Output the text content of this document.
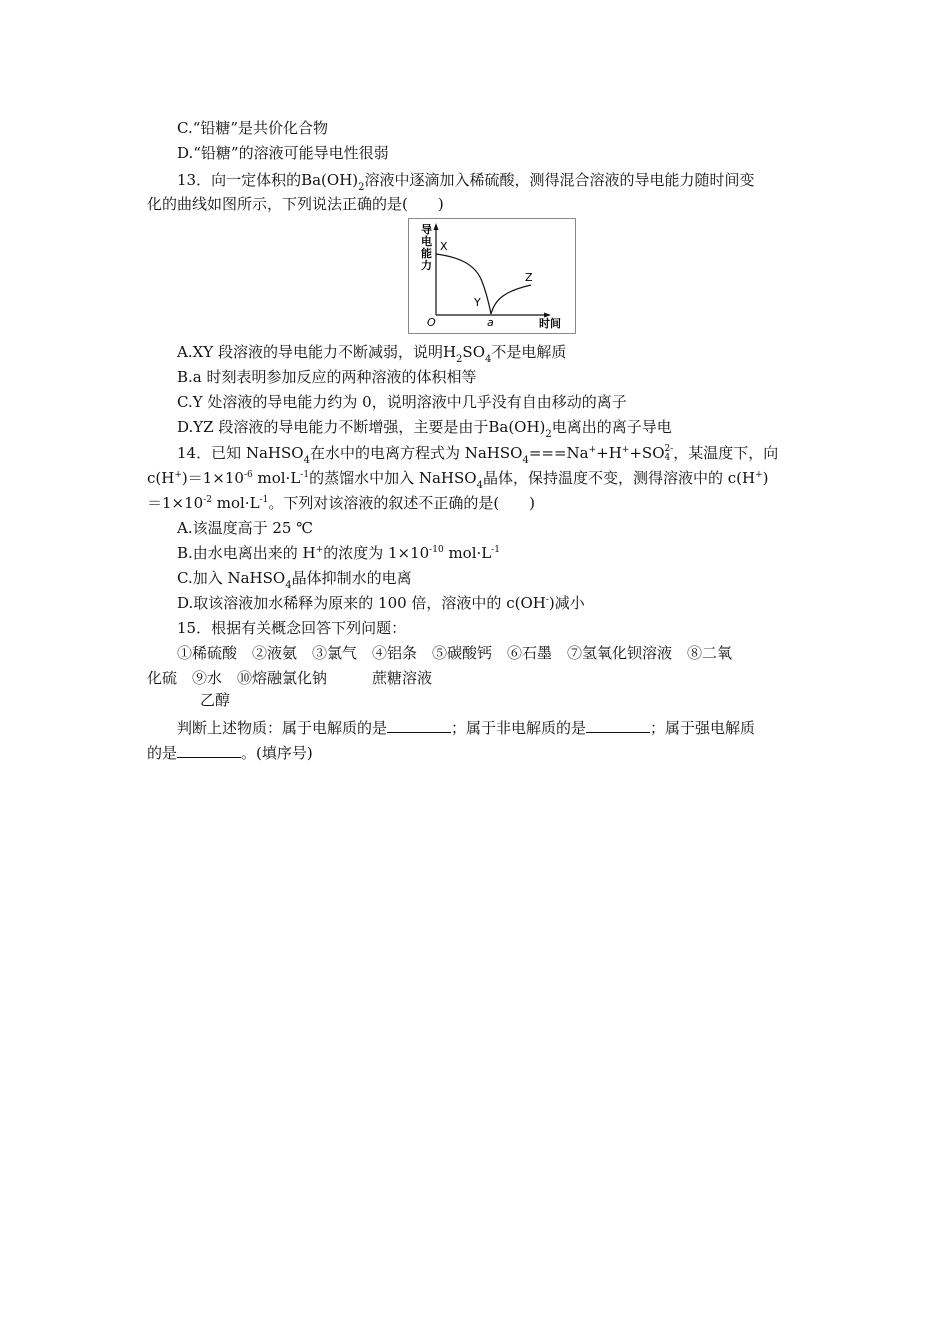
C.“铅糖”是共价化合物
D.“铅糖”的溶液可能导电性很弱
13．向一定体积的$Ba(OH)_2$溶液中逐滴加入稀硫酸，测得混合溶液的导电能力随时间变
化的曲线如图所示，下列说法正确的是(　　)
导
电
能
力
X
Y
Z
O	a	时间
A.XY 段溶液的导电能力不断减弱，说明$H_2SO_4$不是电解质
B.a 时刻表明参加反应的两种溶液的体积相等
C.Y 处溶液的导电能力约为 0，说明溶液中几乎没有自由移动的离子
D.YZ 段溶液的导电能力不断增强，主要是由于$Ba(OH)_2$电离出的离子导电
14．已知 NaHSO$_4$在水中的电离方程式为 NaHSO$_4$===Na++H++SO 2-
4 ，某温度下，向
$c(H^+)=1\times 10^{-6}$ $mol\cdot L^{-1}$的蒸馏水中加入 NaHSO$_4$晶体，保持温度不变，测得溶液中的 c(H+)
$=1\times 10^{-2}$ $mol\cdot L^{-1}$。下列对该溶液的叙述不正确的是(　　)
A.该温度高于 25 ℃
B.由水电离出来的 H+的浓度为 $1\times 10^{-10}$ $mol\cdot L^{-1}$
C.加入 NaHSO$_4$晶体抑制水的电离
D.取该溶液加水稀释为原来的 100 倍，溶液中的 c(OH-)减小
15．根据有关概念回答下列问题：
①稀硫酸　②液氨　③氯气　④铝条　⑤碳酸钙　⑥石墨　⑦氢氧化钡溶液　⑧二氧
化硫　⑨水　⑩熔融氯化钠　　　蔗糖溶液
乙醇
判断上述物质：属于电解质的是	；属于非电解质的是	；属于强电解质
的是	。(填序号)
